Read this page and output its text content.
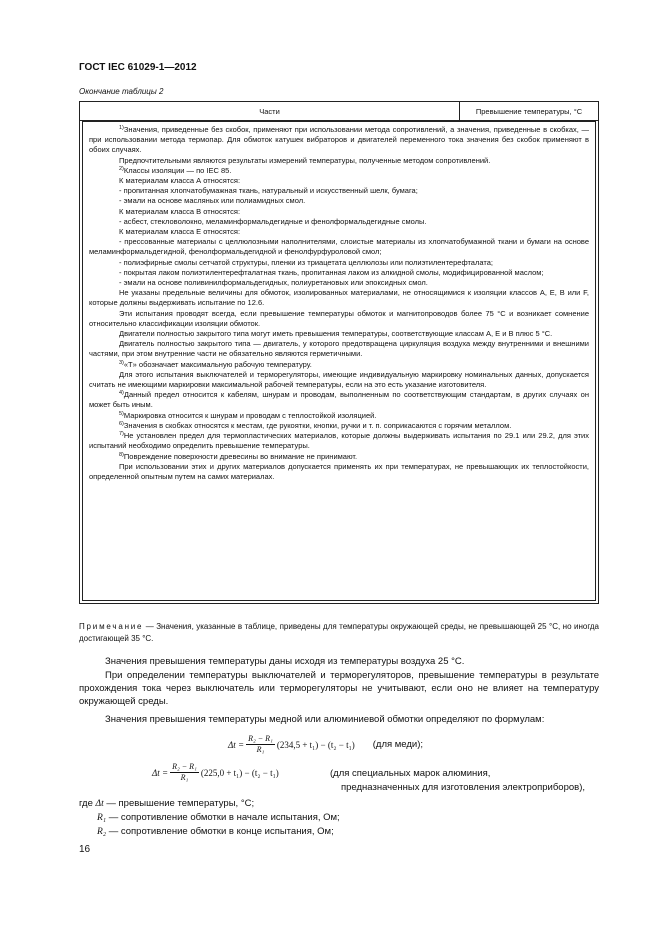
ГОСТ IEC 61029-1—2012
Окончание таблицы 2
Части	Превышение температуры, °C

$^{1)}$Значения, приведенные без скобок, применяют при использовании метода сопротивлений, а значения, приведенные в скобках, — при использовании метода термопар. Для обмоток катушек вибраторов и двигателей переменного тока значения без скобок применяют в обоих случаях.

Предпочтительными являются результаты измерений температуры, полученные методом сопротивлений.

$^{2)}$Классы изоляции — по IEC 85.

К материалам класса А относятся:

- пропитанная хлопчатобумажная ткань, натуральный и искусственный шелк, бумага;

- эмали на основе масляных или полиамидных смол.

К материалам класса В относятся:

- асбест, стекловолокно, меламинформальдегидные и фенолформальдегидные смолы.

К материалам класса Е относятся:

- прессованные материалы с целлюлозными наполнителями, слоистые материалы из хлопчатобумажной ткани и бумаги на основе меламинформальдегидной, фенолформальдегидной и фенолфурфуроловой смол;

- полиэфирные смолы сетчатой структуры, пленки из триацетата целлюлозы или полиэтилентерефталата;

- покрытая лаком полиэтилентерефталатная ткань, пропитанная лаком из алкидной смолы, модифицированной маслом;

- эмали на основе поливинилформальдегидных, полиуретановых или эпоксидных смол.

Не указаны предельные величины для обмоток, изолированных материалами, не относящимися к изоляции классов А, Е, В или F, которые должны выдерживать испытание по 12.6.

Эти испытания проводят всегда, если превышение температуры обмоток и магнитопроводов более 75 °С и возникает сомнение относительно классификации изоляции обмоток.

Двигатели полностью закрытого типа могут иметь превышения температуры, соответствующие классам А, Е и В плюс 5 °С.

Двигатель полностью закрытого типа — двигатель, у которого предотвращена циркуляция воздуха между внутренними и внешними частями, при этом внутренние части не обязательно являются герметичными.

$^{3)}$«T» обозначает максимальную рабочую температуру.

Для этого испытания выключателей и терморегуляторы, имеющие индивидуальную маркировку номинальных данных, допускается считать не имеющими маркировки максимальной рабочей температуры, если на это есть указание изготовителя.

$^{4)}$Данный предел относится к кабелям, шнурам и проводам, выполненным по соответствующим стандартам, в других случаях он может быть иным.

$^{5)}$Маркировка относится к шнурам и проводам с теплостойкой изоляцией.

$^{6)}$Значения в скобках относятся к местам, где рукоятки, кнопки, ручки и т. п. соприкасаются с горячим металлом.

$^{7)}$Не установлен предел для термопластических материалов, которые должны выдерживать испытания по 29.1 или 29.2, для этих испытаний необходимо определить превышение температуры.

$^{8)}$Повреждение поверхности древесины во внимание не принимают.

При использовании этих и других материалов допускается применять их при температурах, не превышающих их теплостойкости, определенной опытным путем на самих материалах.

Примечание — Значения, указанные в таблице, приведены для температуры окружающей среды, не превышающей 25 °С, но иногда достигающей 35 °С.
Значения превышения температуры даны исходя из температуры воздуха 25 °С.
При определении температуры выключателей и терморегуляторов, превышение температуры в результате прохождения тока через выключатель или терморегуляторы не учитывают, если оно не влияет на температуру окружающей среды.
Значения превышения температуры медной или алюминиевой обмотки определяют по формулам:
$\Delta t = \frac{\text{R₂ − R₁}}{\text{R₁}} (234,5 + t_1) - (t_2 - t_1)$ (для меди);
$\Delta t = \frac{\text{R₂ − R₁}}{\text{R₁}} (225,0 + t_1) - (t_2 - t_1)$	(для специальных марок алюминия,
предназначенных для изготовления электроприборов),
где Δt — превышение температуры, °С;
R₁ — сопротивление обмотки в начале испытания, Ом;
R₂ — сопротивление обмотки в конце испытания, Ом;
16
